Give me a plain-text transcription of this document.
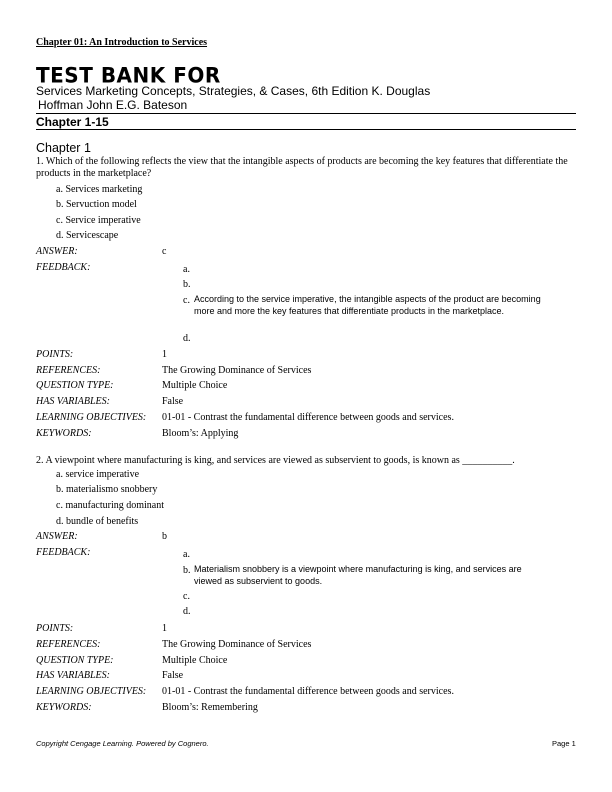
Chapter 01: An Introduction to Services
TEST BANK FOR
Services Marketing Concepts, Strategies, & Cases, 6th Edition K. Douglas
Hoffman John E.G. Bateson
Chapter 1-15
Chapter 1
1. Which of the following reflects the view that the intangible aspects of products are becoming the key features that differentiate the products in the marketplace?
a. Services marketing
b. Servuction model
c. Service imperative
d. Servicescape
ANSWER:	c
FEEDBACK:	a.
b.
c. According to the service imperative, the intangible aspects of the product are becoming more and more the key features that differentiate products in the marketplace.
d.
POINTS:	1
REFERENCES:	The Growing Dominance of Services
QUESTION TYPE:	Multiple Choice
HAS VARIABLES:	False
LEARNING OBJECTIVES: 01-01 - Contrast the fundamental difference between goods and services.
KEYWORDS:	Bloom’s: Applying
2. A viewpoint where manufacturing is king, and services are viewed as subservient to goods, is known as __________.
a. service imperative
b. materialismo snobbery
c. manufacturing dominant
d. bundle of benefits
ANSWER:	b
FEEDBACK:	a.
b. Materialism snobbery is a viewpoint where manufacturing is king, and services are viewed as subservient to goods.
c.
d.
POINTS:	1
REFERENCES:	The Growing Dominance of Services
QUESTION TYPE:	Multiple Choice
HAS VARIABLES:	False
LEARNING OBJECTIVES: 01-01 - Contrast the fundamental difference between goods and services.
KEYWORDS:	Bloom’s: Remembering
Copyright Cengage Learning. Powered by Cognero.	Page 1
